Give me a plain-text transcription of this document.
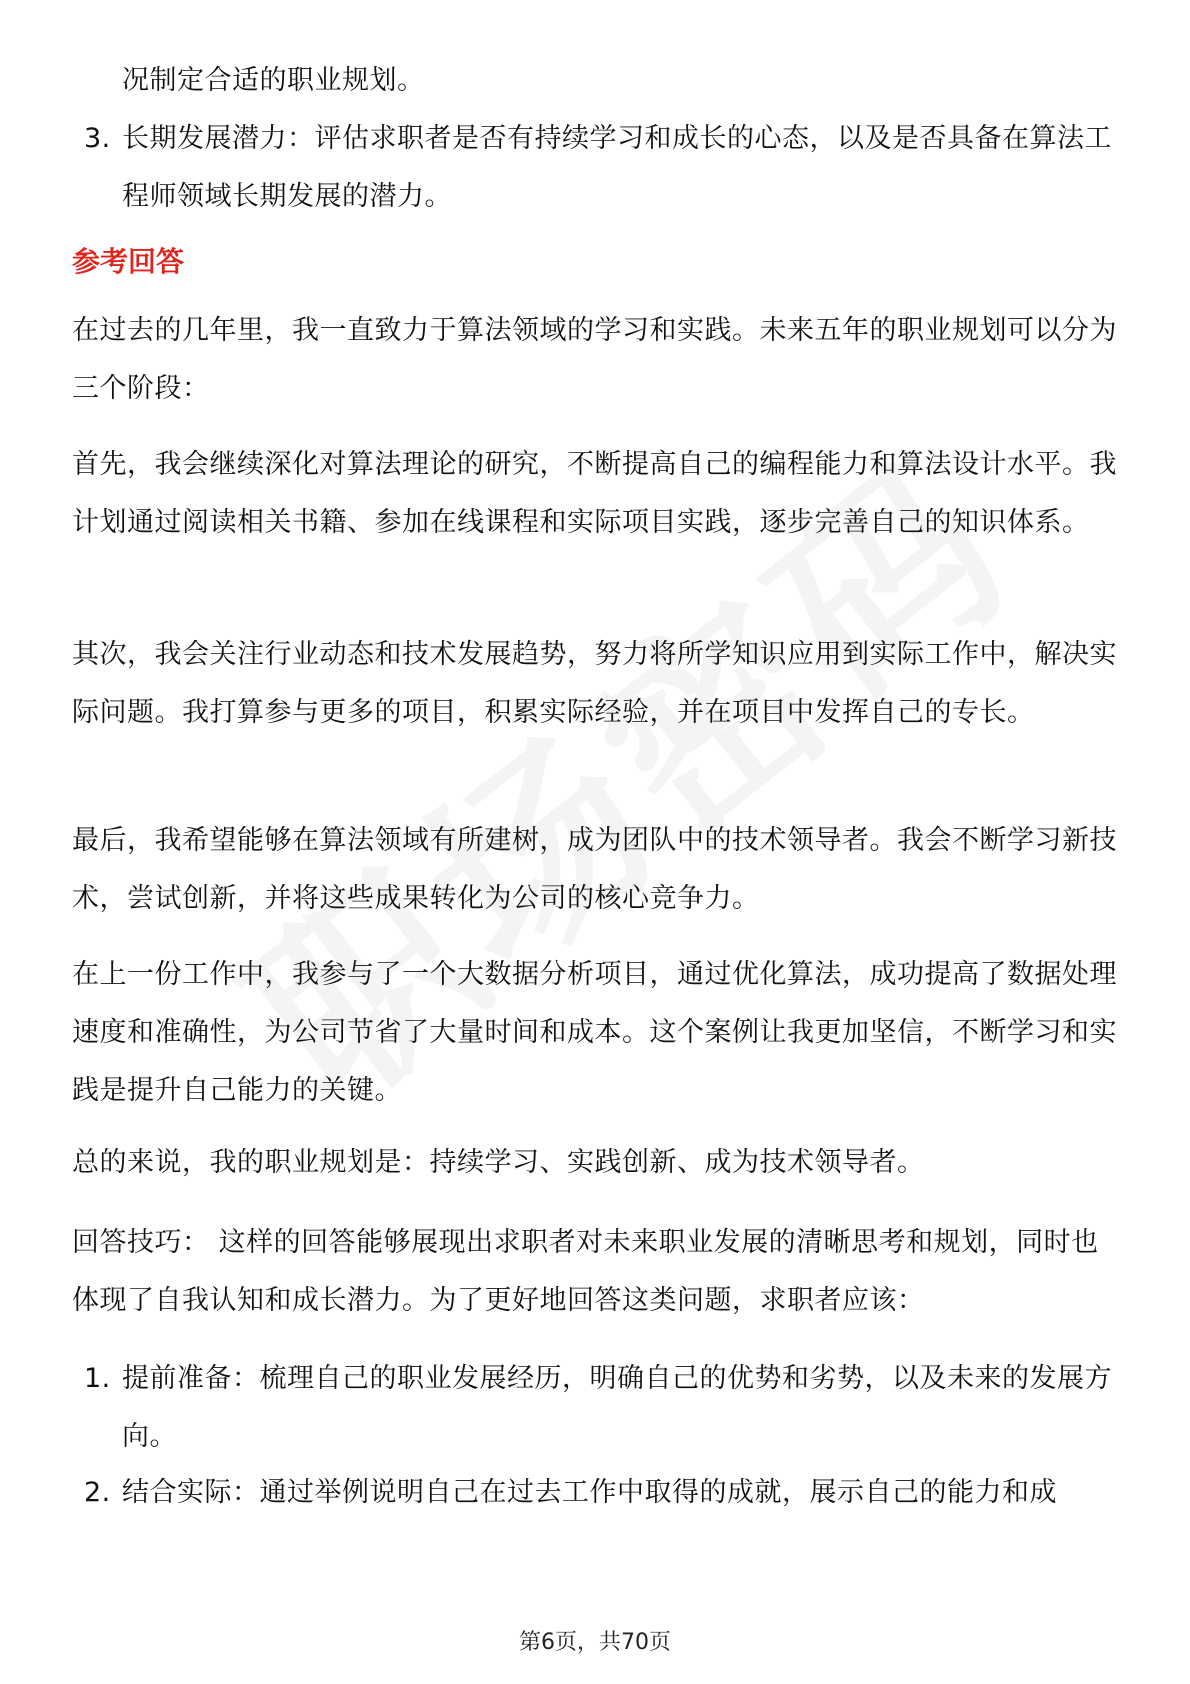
况制定合适的职业规划。
3. 长期发展潜力：评估求职者是否有持续学习和成长的心态，以及是否具备在算法工程师领域长期发展的潜力。
参考回答
在过去的几年里，我一直致力于算法领域的学习和实践。未来五年的职业规划可以分为三个阶段：
首先，我会继续深化对算法理论的研究，不断提高自己的编程能力和算法设计水平。我计划通过阅读相关书籍、参加在线课程和实际项目实践，逐步完善自己的知识体系。
其次，我会关注行业动态和技术发展趋势，努力将所学知识应用到实际工作中，解决实际问题。我打算参与更多的项目，积累实际经验，并在项目中发挥自己的专长。
最后，我希望能够在算法领域有所建树，成为团队中的技术领导者。我会不断学习新技术，尝试创新，并将这些成果转化为公司的核心竞争力。
在上一份工作中，我参与了一个大数据分析项目，通过优化算法，成功提高了数据处理速度和准确性，为公司节省了大量时间和成本。这个案例让我更加坚信，不断学习和实践是提升自己能力的关键。
总的来说，我的职业规划是：持续学习、实践创新、成为技术领导者。
回答技巧： 这样的回答能够展现出求职者对未来职业发展的清晰思考和规划，同时也体现了自我认知和成长潜力。为了更好地回答这类问题，求职者应该：
1. 提前准备：梳理自己的职业发展经历，明确自己的优势和劣势，以及未来的发展方向。
2. 结合实际：通过举例说明自己在过去工作中取得的成就，展示自己的能力和成
第6页，共70页
